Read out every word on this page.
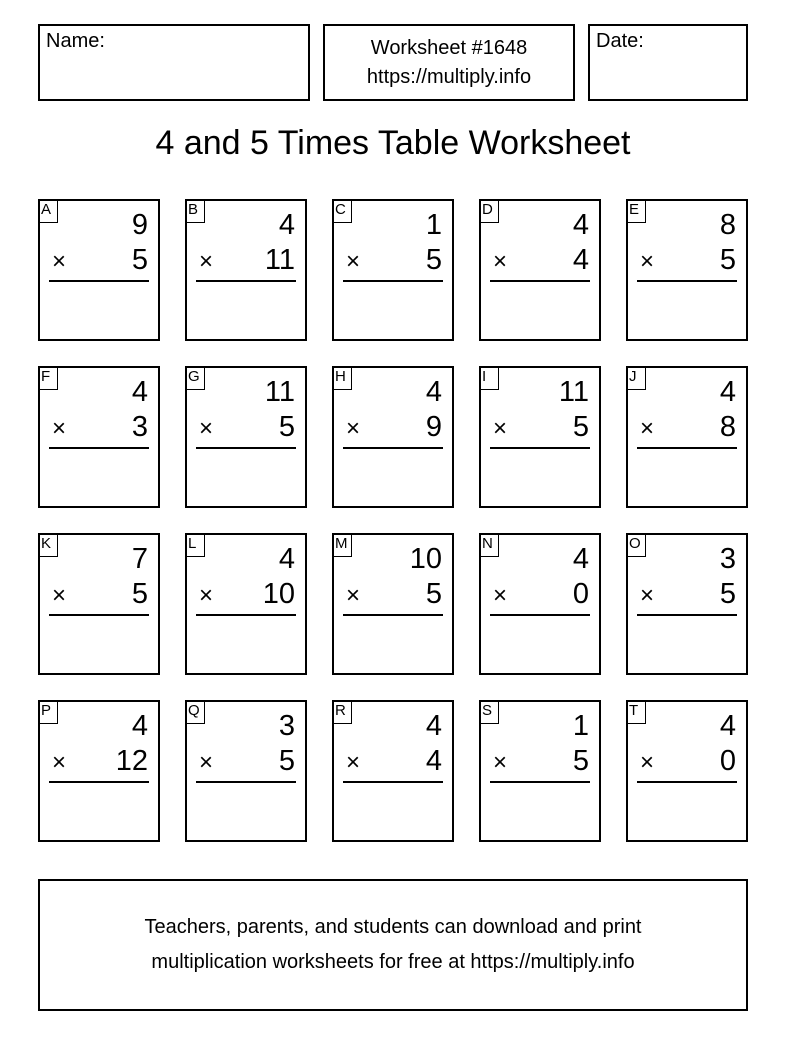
Name:	Worksheet #1648
https://multiply.info
Date:
4 and 5 Times Table Worksheet
A	9
× 5
B	4
× 11
C	1
× 5
D	4
× 4
E	8
× 5
F	4
× 3
G 11
× 5
H	4
× 9
I	11
× 5
J	4
× 8
K	7
× 5
L	4
× 10
M 10
× 5
N	4
× 0
O	3
× 5
P	4
× 12
Q	3
× 5
R	4
× 4
S	1
× 5
T	4
× 0
Teachers, parents, and students can download and print
multiplication worksheets for free at https://multiply.info
